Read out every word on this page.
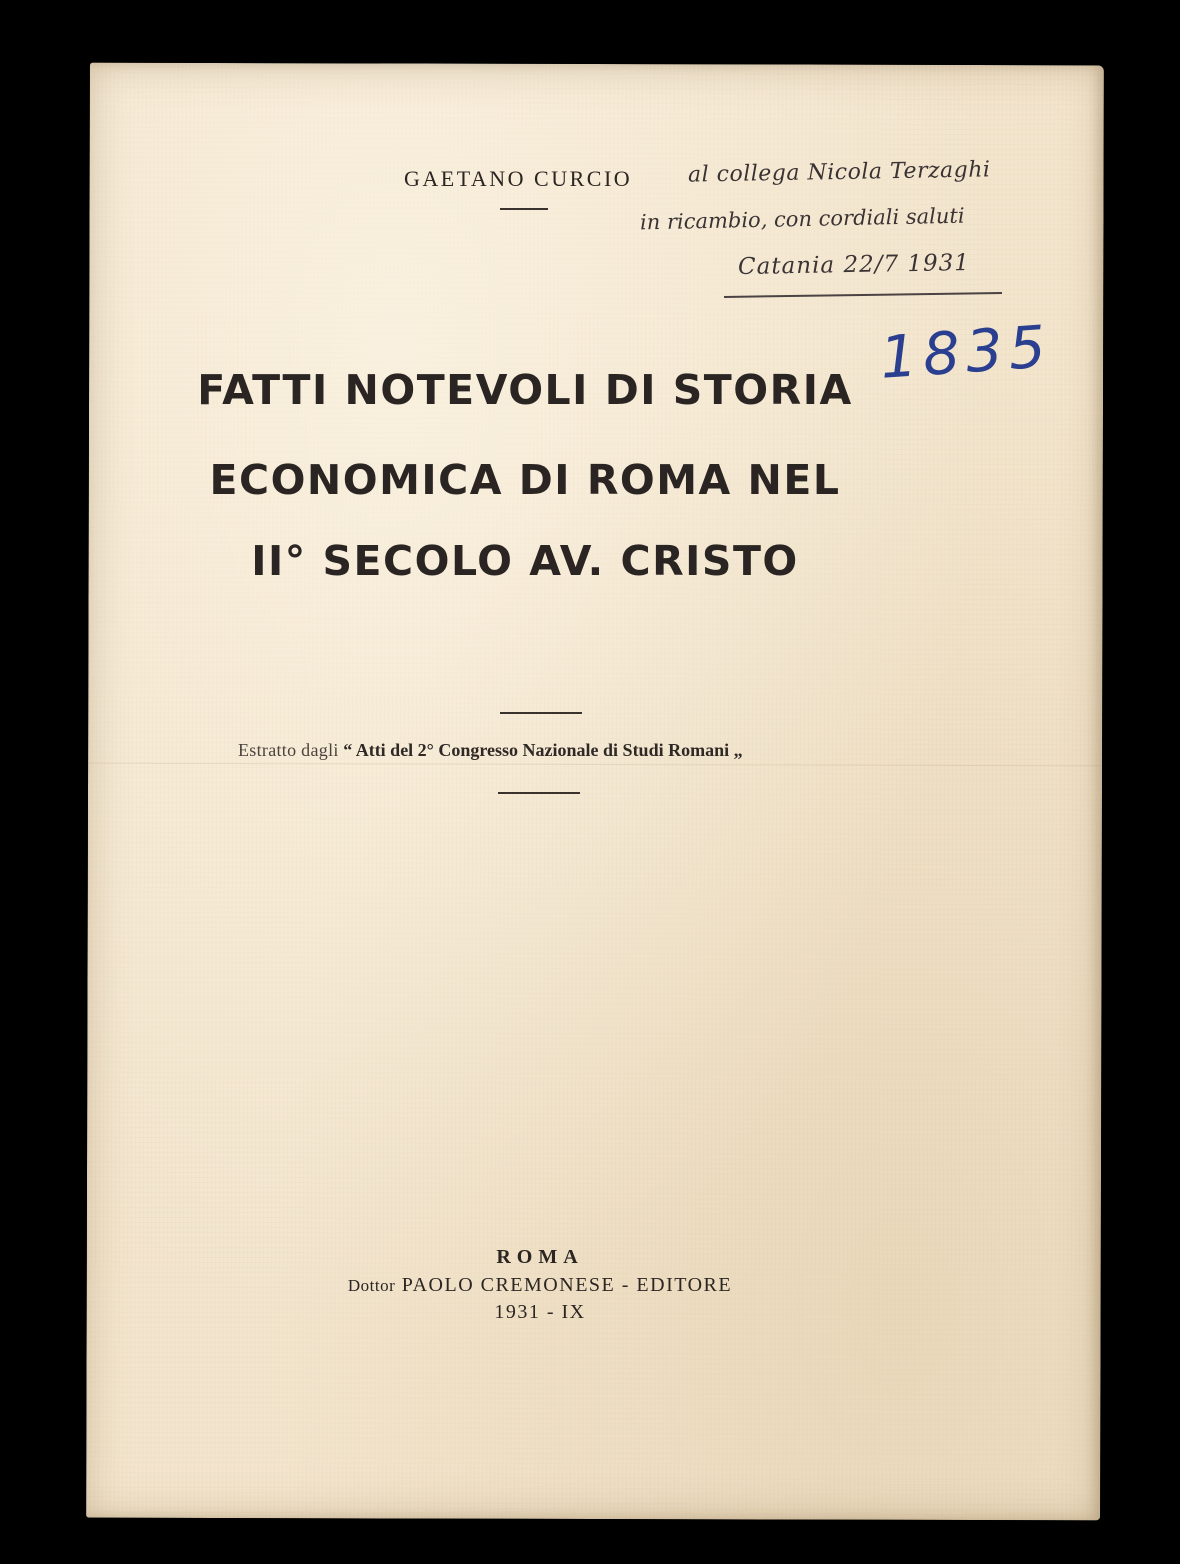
GAETANO CURCIO	al collega Nicola Terzaghi
in ricambio, con cordiali saluti
Catania 22/7 1931
1835
FATTI NOTEVOLI DI STORIA
ECONOMICA DI ROMA NEL
II° SECOLO AV. CRISTO
Estratto dagli “ Atti del 2° Congresso Nazionale di Studi Romani „
ROMA
Dottor PAOLO CREMONESE - EDITORE
1931 - IX
